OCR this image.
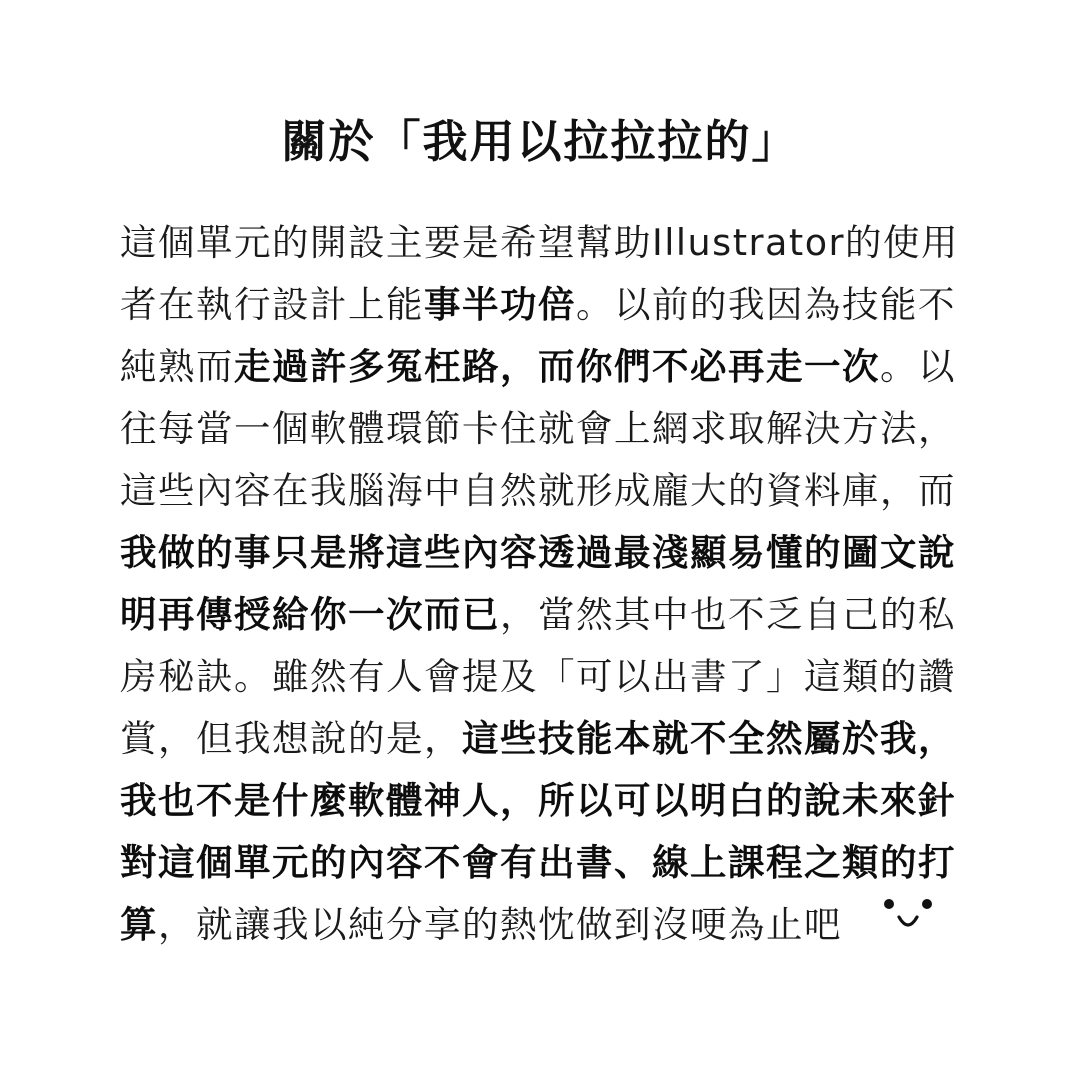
關於「我用以拉拉拉的」
這個單元的開設主要是希望幫助Illustrator的使用
者在執行設計上能事半功倍。以前的我因為技能不
純熟而走過許多冤枉路，而你們不必再走一次。以
往每當一個軟體環節卡住就會上網求取解決方法，
這些內容在我腦海中自然就形成龐大的資料庫，而
我做的事只是將這些內容透過最淺顯易懂的圖文說
明再傳授給你一次而已，當然其中也不乏自己的私
房秘訣。雖然有人會提及「可以出書了」這類的讚
賞，但我想說的是，這些技能本就不全然屬於我，
我也不是什麼軟體神人，所以可以明白的說未來針
對這個單元的內容不會有出書、線上課程之類的打
算，就讓我以純分享的熱忱做到沒哽為止吧
